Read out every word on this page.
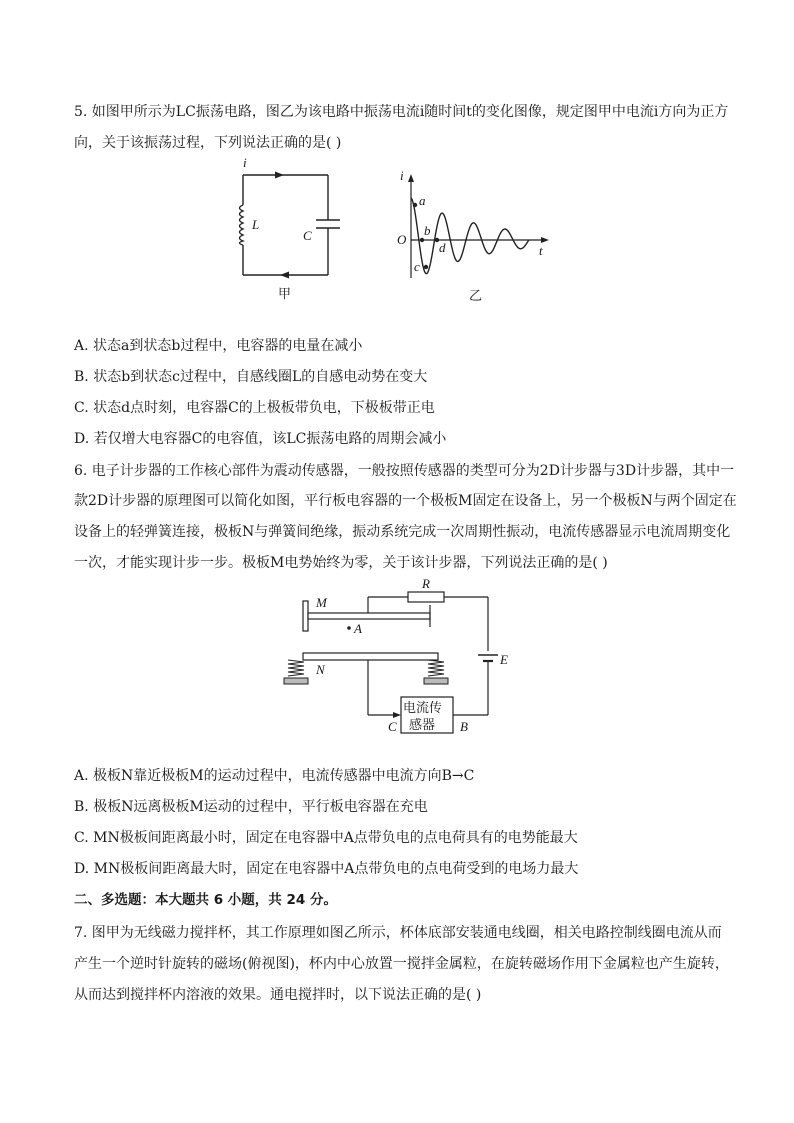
5. 如图甲所示为LC振荡电路，图乙为该电路中振荡电流i随时间t的变化图像，规定图甲中电流i方向为正方
向，关于该振荡过程，下列说法正确的是( )
i
L
C
甲
i
t
O
a
b
c
d
乙
A. 状态a到状态b过程中，电容器的电量在减小
B. 状态b到状态c过程中，自感线圈L的自感电动势在变大
C. 状态d点时刻，电容器C的上极板带负电，下极板带正电
D. 若仅增大电容器C的电容值，该LC振荡电路的周期会减小
6. 电子计步器的工作核心部件为震动传感器，一般按照传感器的类型可分为2D计步器与3D计步器，其中一
款2D计步器的原理图可以简化如图，平行板电容器的一个极板M固定在设备上，另一个极板N与两个固定在
设备上的轻弹簧连接，极板N与弹簧间绝缘，振动系统完成一次周期性振动，电流传感器显示电流周期变化
一次，才能实现计步一步。极板M电势始终为零，关于该计步器，下列说法正确的是( )
电流传
感器
R
M
A
N
E
C	B
A. 极板N靠近极板M的运动过程中，电流传感器中电流方向B→C
B. 极板N远离极板M运动的过程中，平行板电容器在充电
C. MN极板间距离最小时，固定在电容器中A点带负电的点电荷具有的电势能最大
D. MN极板间距离最大时，固定在电容器中A点带负电的点电荷受到的电场力最大
二、多选题：本大题共 6 小题，共 24 分。
7. 图甲为无线磁力搅拌杯，其工作原理如图乙所示，杯体底部安装通电线圈，相关电路控制线圈电流从而
产生一个逆时针旋转的磁场(俯视图)，杯内中心放置一搅拌金属粒，在旋转磁场作用下金属粒也产生旋转，
从而达到搅拌杯内溶液的效果。通电搅拌时，以下说法正确的是( )
